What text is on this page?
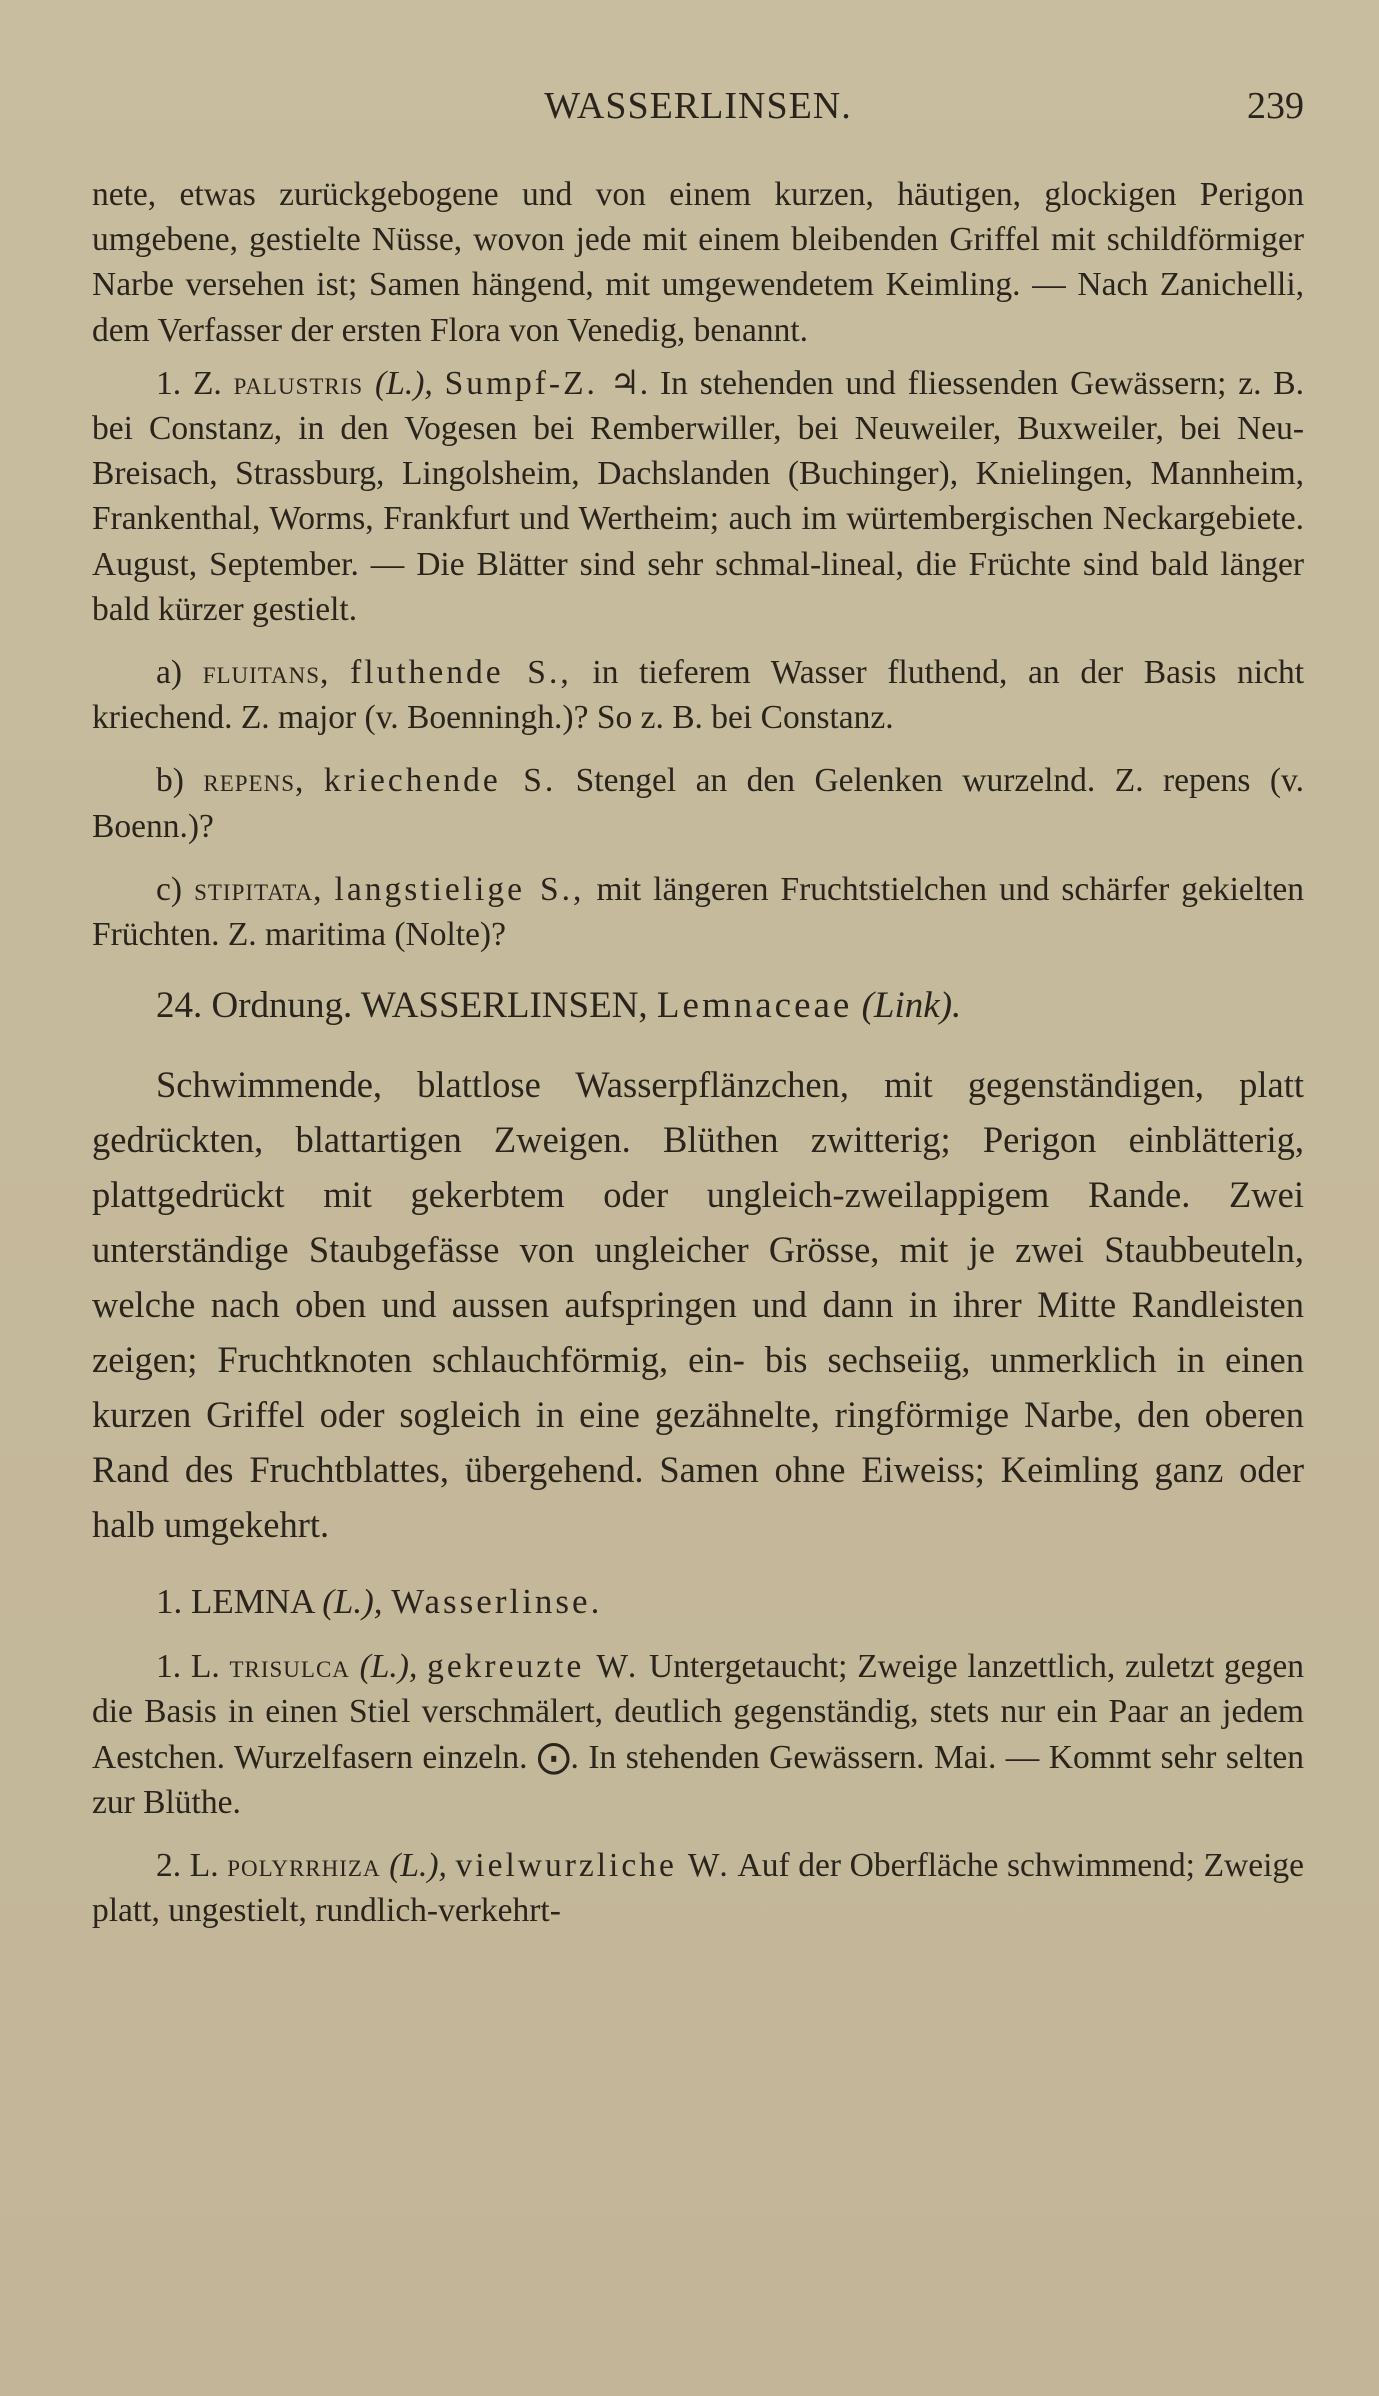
WASSERLINSEN.	239

nete, etwas zurückgebogene und von einem kurzen, häutigen, glockigen Perigon umgebene, gestielte Nüsse, wovon jede mit einem bleibenden Griffel mit schildförmiger Narbe versehen ist; Samen hängend, mit umgewendetem Keimling. — Nach Zanichelli, dem Verfasser der ersten Flora von Venedig, benannt.

1. Z. palustris (L.), Sumpf-Z. ♃. In stehenden und fliessenden Gewässern; z. B. bei Constanz, in den Vogesen bei Remberwiller, bei Neuweiler, Buxweiler, bei Neu-Breisach, Strassburg, Lingolsheim, Dachslanden (Buchinger), Knielingen, Mannheim, Frankenthal, Worms, Frankfurt und Wertheim; auch im würtembergischen Neckargebiete. August, September. — Die Blätter sind sehr schmal-lineal, die Früchte sind bald länger bald kürzer gestielt.

a) fluitans, fluthende S., in tieferem Wasser fluthend, an der Basis nicht kriechend. Z. major (v. Boenningh.)? So z. B. bei Constanz.

b) repens, kriechende S. Stengel an den Gelenken wurzelnd. Z. repens (v. Boenn.)?

c) stipitata, langstielige S., mit längeren Fruchtstielchen und schärfer gekielten Früchten. Z. maritima (Nolte)?

24. Ordnung. WASSERLINSEN, Lemnaceae (Link).

Schwimmende, blattlose Wasserpflänzchen, mit gegenständigen, platt gedrückten, blattartigen Zweigen. Blüthen zwitterig; Perigon einblätterig, plattgedrückt mit gekerbtem oder ungleich-zweilappigem Rande. Zwei unterständige Staubgefässe von ungleicher Grösse, mit je zwei Staubbeuteln, welche nach oben und aussen aufspringen und dann in ihrer Mitte Randleisten zeigen; Fruchtknoten schlauchförmig, ein- bis sechseiig, unmerklich in einen kurzen Griffel oder sogleich in eine gezähnelte, ringförmige Narbe, den oberen Rand des Fruchtblattes, übergehend. Samen ohne Eiweiss; Keimling ganz oder halb umgekehrt.

1. LEMNA (L.), Wasserlinse.

1. L. trisulca (L.), gekreuzte W. Untergetaucht; Zweige lanzettlich, zuletzt gegen die Basis in einen Stiel verschmälert, deutlich gegenständig, stets nur ein Paar an jedem Aestchen. Wurzelfasern einzeln. ⨀. In stehenden Gewässern. Mai. — Kommt sehr selten zur Blüthe.

2. L. polyrrhiza (L.), vielwurzliche W. Auf der Oberfläche schwimmend; Zweige platt, ungestielt, rundlich-verkehrt-
